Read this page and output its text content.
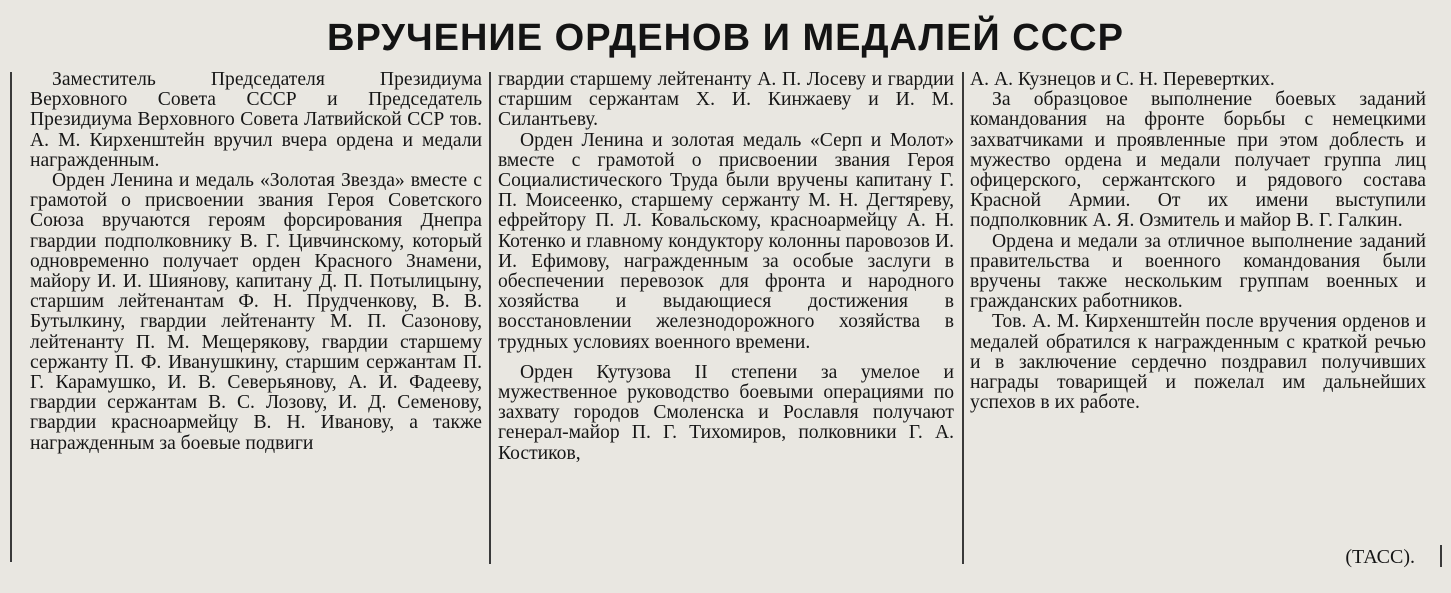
ВРУЧЕНИЕ ОРДЕНОВ И МЕДАЛЕЙ СССР

Заместитель Председателя Президиума Верховного Совета СССР и Председатель Президиума Верховного Совета Латвийской ССР тов. А. М. Кирхенштейн вручил вчера ордена и медали награжденным.

Орден Ленина и медаль «Золотая Звезда» вместе с грамотой о присвоении звания Героя Советского Союза вручаются героям форсирования Днепра гвардии подполковнику В. Г. Цивчинскому, который одновременно получает орден Красного Знамени, майору И. И. Шиянову, капитану Д. П. Потылицыну, старшим лейтенантам Ф. Н. Прудченкову, В. В. Бутылкину, гвардии лейтенанту М. П. Сазонову, лейтенанту П. М. Мещерякову, гвардии старшему сержанту П. Ф. Иванушкину, старшим сержантам П. Г. Карамушко, И. В. Северьянову, А. И. Фадееву, гвардии сержантам В. С. Лозову, И. Д. Семенову, гвардии красноармейцу В. Н. Иванову, а также награжденным за боевые подвиги

гвардии старшему лейтенанту А. П. Лосеву и гвардии старшим сержантам Х. И. Кинжаеву и И. М. Силантьеву.

Орден Ленина и золотая медаль «Серп и Молот» вместе с грамотой о присвоении звания Героя Социалистического Труда были вручены капитану Г. П. Моисеенко, старшему сержанту М. Н. Дегтяреву, ефрейтору П. Л. Ковальскому, красноармейцу А. Н. Котенко и главному кондуктору колонны паровозов И. И. Ефимову, награжденным за особые заслуги в обеспечении перевозок для фронта и народного хозяйства и выдающиеся достижения в восстановлении железнодорожного хозяйства в трудных условиях военного времени.

Орден Кутузова II степени за умелое и мужественное руководство боевыми операциями по захвату городов Смоленска и Рославля получают генерал-майор П. Г. Тихомиров, полковники Г. А. Костиков,

А. А. Кузнецов и С. Н. Перевертких.

За образцовое выполнение боевых заданий командования на фронте борьбы с немецкими захватчиками и проявленные при этом доблесть и мужество ордена и медали получает группа лиц офицерского, сержантского и рядового состава Красной Армии. От их имени выступили подполковник А. Я. Озмитель и майор В. Г. Галкин.

Ордена и медали за отличное выполнение заданий правительства и военного командования были вручены также нескольким группам военных и гражданских работников.

Тов. А. М. Кирхенштейн после вручения орденов и медалей обратился к награжденным с краткой речью и в заключение сердечно поздравил получивших награды товарищей и пожелал им дальнейших успехов в их работе.

(ТАСС).
